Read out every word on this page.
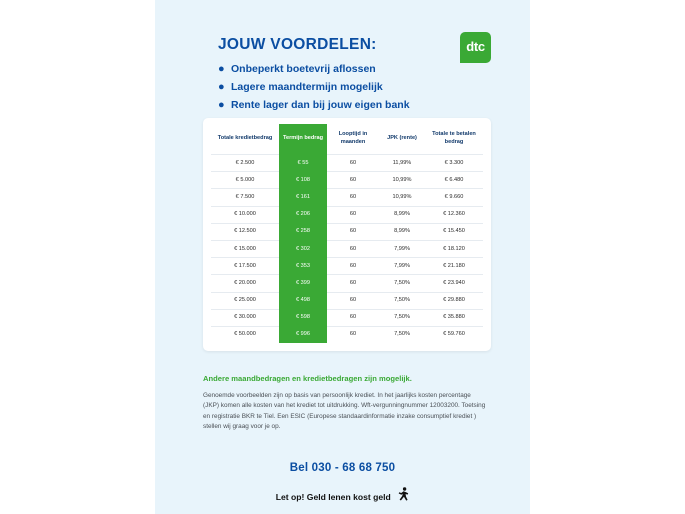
JOUW VOORDELEN:
● Onbeperkt boetevrij aflossen
● Lagere maandtermijn mogelijk
● Rente lager dan bij jouw eigen bank
dtc
Totale kredietbedrag	Termijn bedrag	Looptijd in maanden	JPK (rente)	Totale te betalen bedrag
€ 2.500	€ 55	60	11,99%	€ 3.300
€ 5.000	€ 108	60	10,99%	€ 6.480
€ 7.500	€ 161	60	10,99%	€ 9.660
€ 10.000	€ 206	60	8,99%	€ 12.360
€ 12.500	€ 258	60	8,99%	€ 15.450
€ 15.000	€ 302	60	7,99%	€ 18.120
€ 17.500	€ 353	60	7,99%	€ 21.180
€ 20.000	€ 399	60	7,50%	€ 23.940
€ 25.000	€ 498	60	7,50%	€ 29.880
€ 30.000	€ 598	60	7,50%	€ 35.880
€ 50.000	€ 996	60	7,50%	€ 59.760
Andere maandbedragen en kredietbedragen zijn mogelijk.
Genoemde voorbeelden zijn op basis van persoonlijk krediet. In het jaarlijks kosten percentage (JKP) komen alle kosten van het krediet tot uitdrukking. Wft-vergunningnummer 12003200. Toetsing en registratie BKR te Tiel. Een ESIC (Europese standaardinformatie inzake consumptief krediet ) stellen wij graag voor je op.
Bel 030 - 68 68 750
Let op! Geld lenen kost geld
